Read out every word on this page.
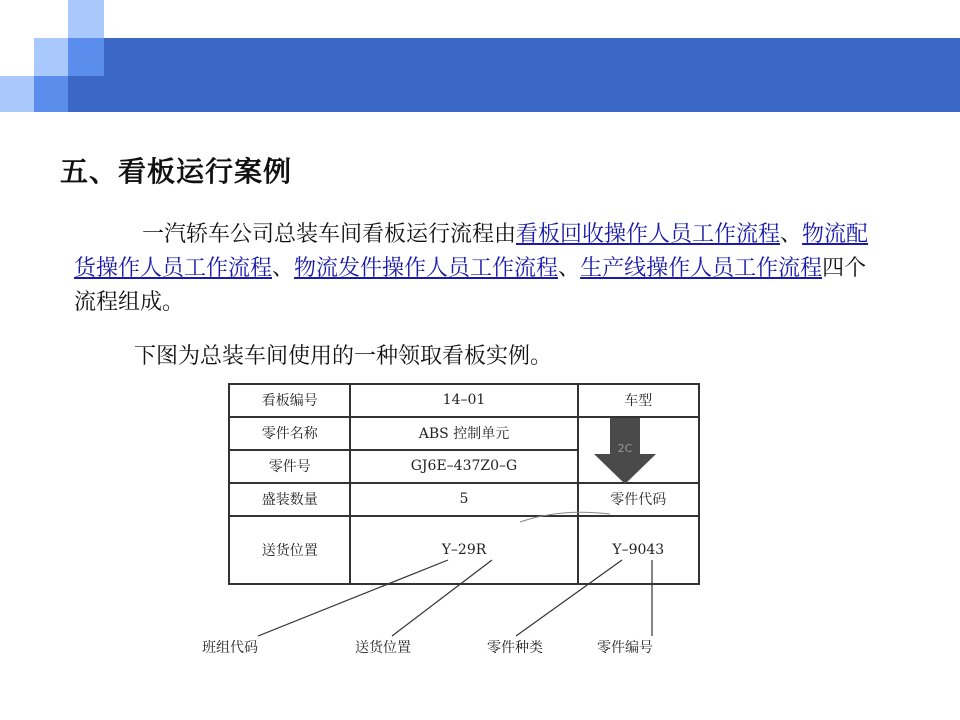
五、看板运行案例
一汽轿车公司总装车间看板运行流程由看板回收操作人员工作流程、物流配货操作人员工作流程、物流发件操作人员工作流程、生产线操作人员工作流程四个流程组成。
下图为总装车间使用的一种领取看板实例。
看板编号	14–01	车型
零件名称	ABS 控制单元	
零件号	GJ6E–437Z0–G	
盛装数量	5	零件代码
送货位置	Y–29R	Y–9043
2C
班组代码	送货位置	零件种类	零件编号
